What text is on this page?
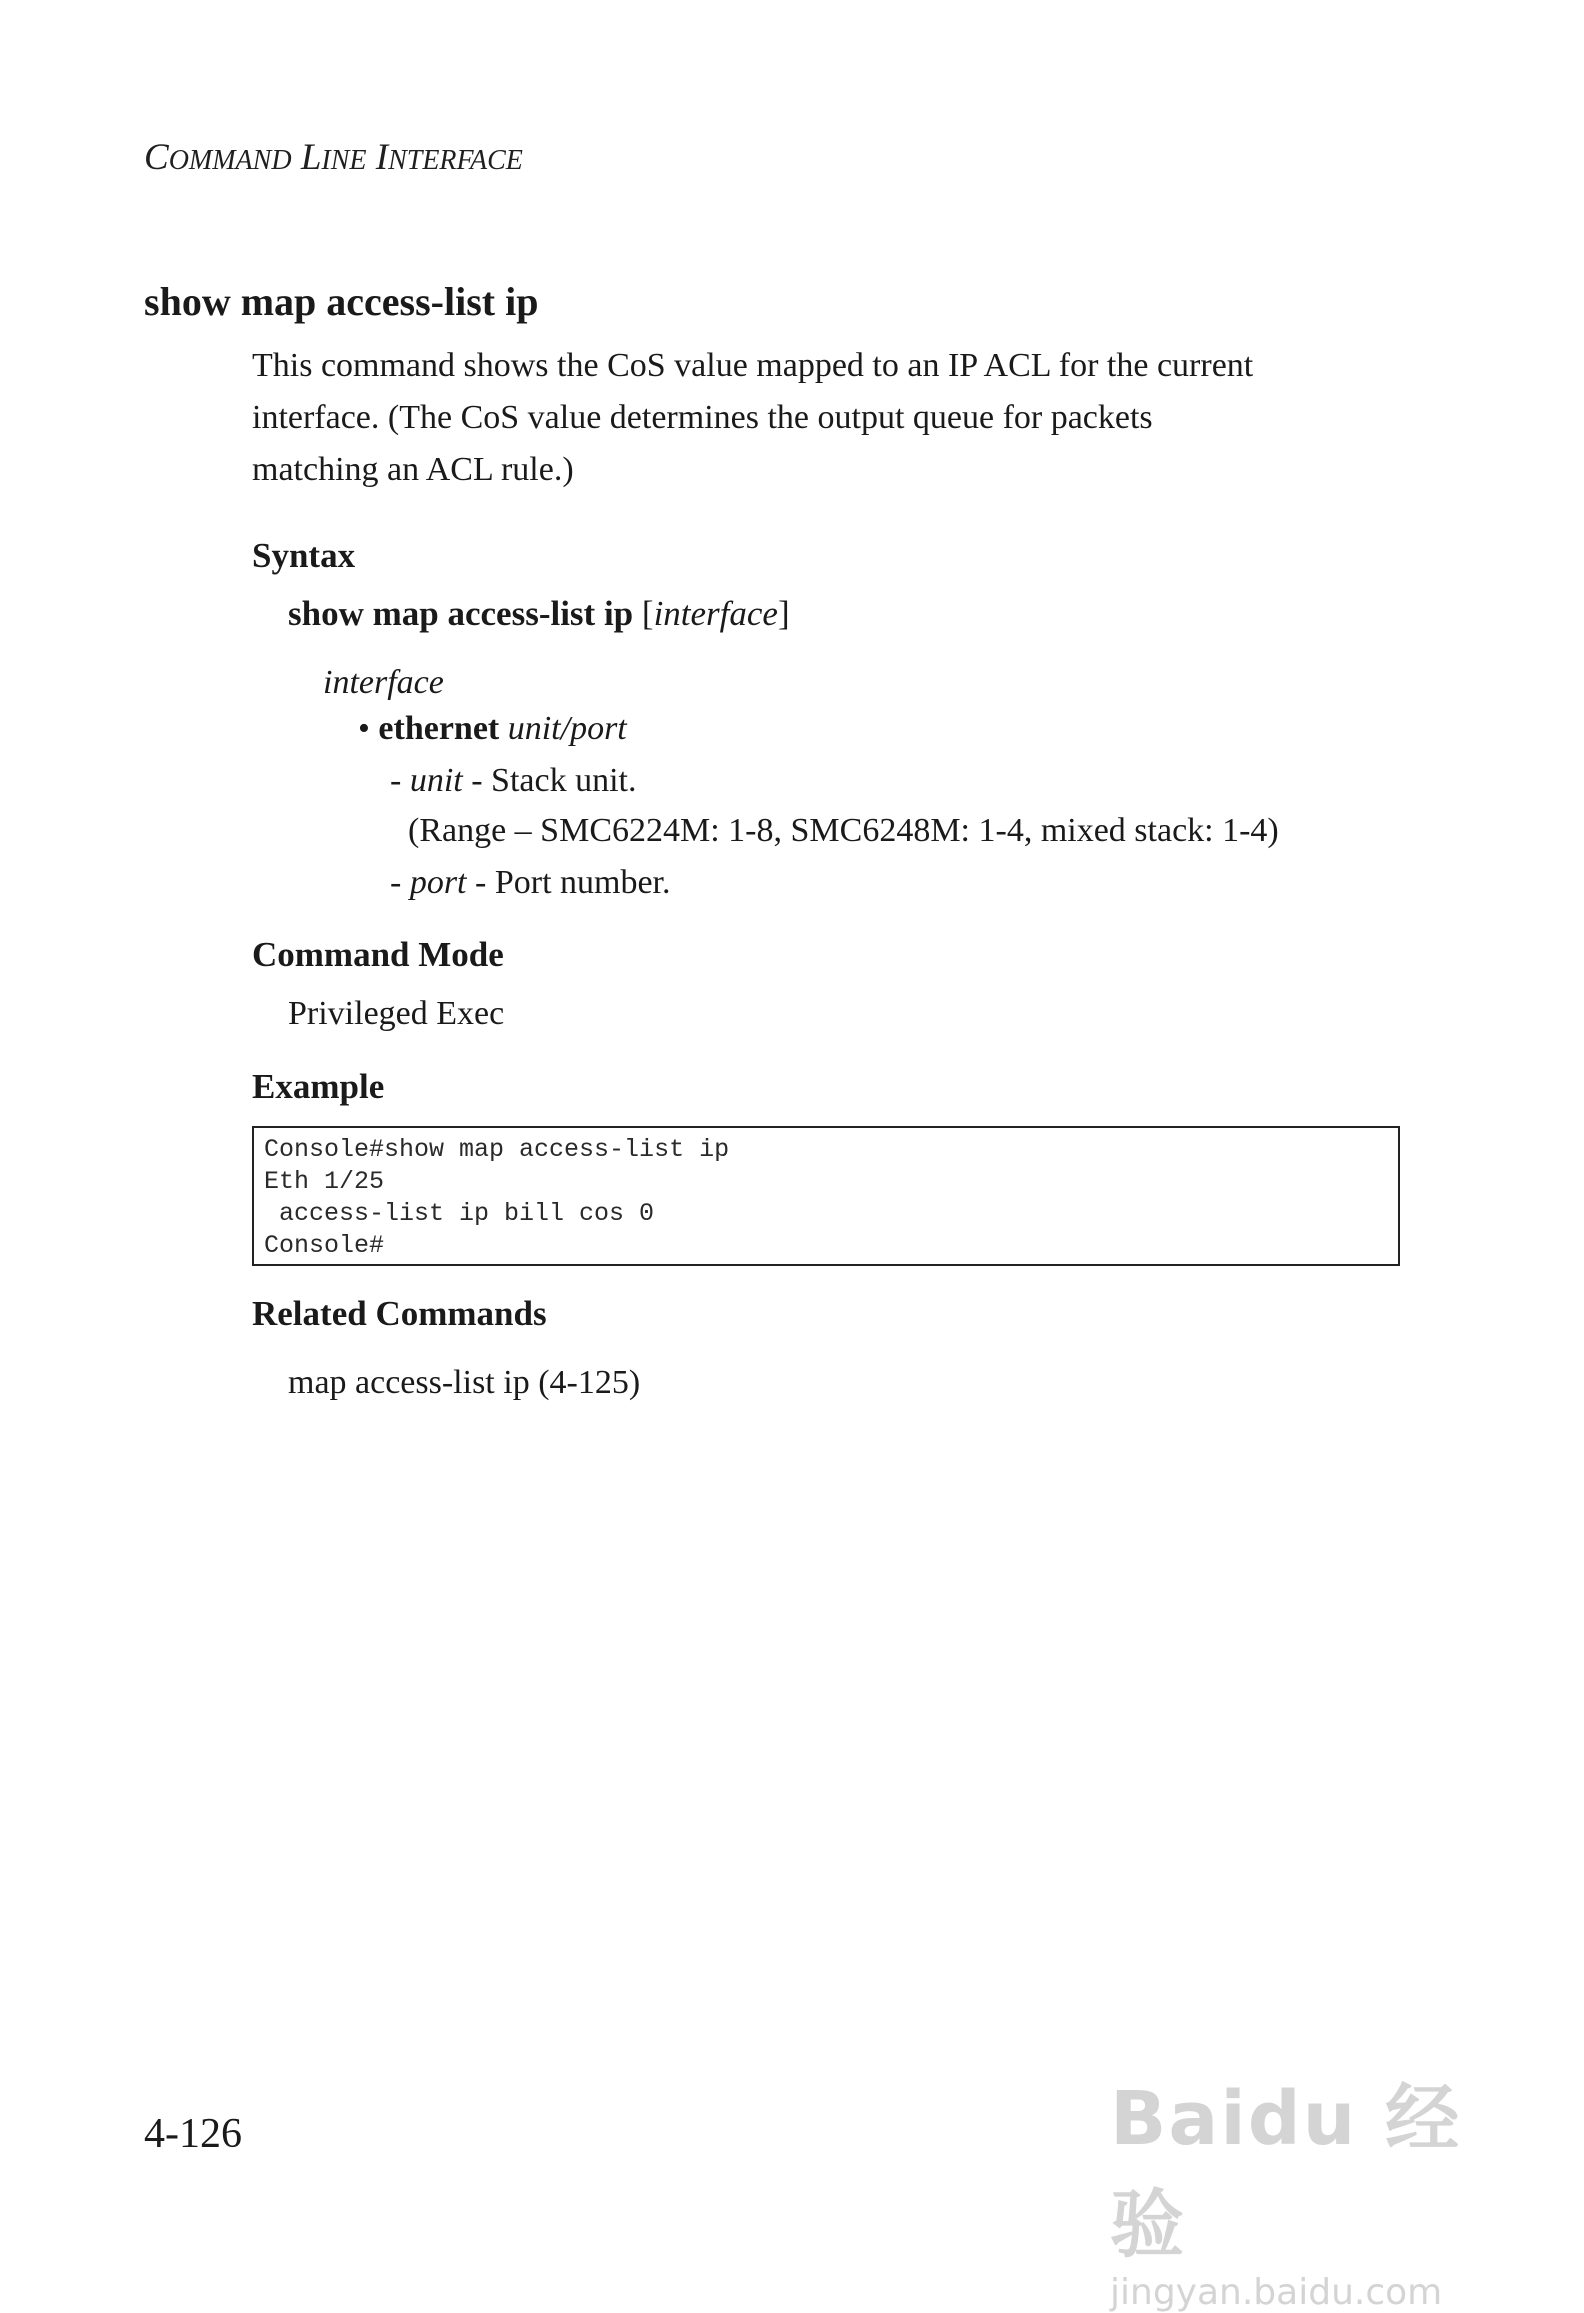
COMMAND LINE INTERFACE
show map access-list ip
This command shows the CoS value mapped to an IP ACL for the current
interface. (The CoS value determines the output queue for packets
matching an ACL rule.)
Syntax
show map access-list ip [interface]
interface
• ethernet unit/port
- unit - Stack unit.
(Range – SMC6224M: 1-8, SMC6248M: 1-4, mixed stack: 1-4)
- port - Port number.
Command Mode
Privileged Exec
Example
Console#show map access-list ip
Eth 1/25
access-list ip bill cos 0
Console#
Related Commands
map access-list ip (4-125)
4-126	Baidu 经验
jingyan.baidu.com
